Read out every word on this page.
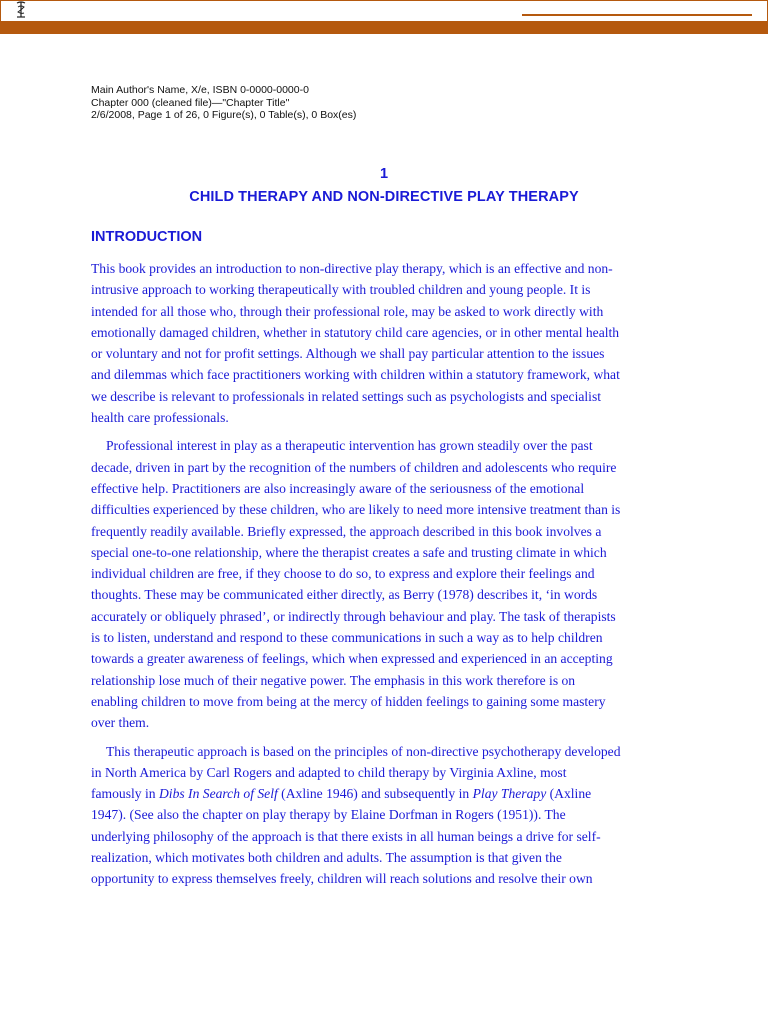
Main Author's Name, X/e, ISBN 0-0000-0000-0
Chapter 000 (cleaned file)—"Chapter Title"
2/6/2008, Page 1 of 26, 0 Figure(s), 0 Table(s), 0 Box(es)
1
CHILD THERAPY AND NON-DIRECTIVE PLAY THERAPY
INTRODUCTION

This book provides an introduction to non-directive play therapy, which is an effective and non-
intrusive approach to working therapeutically with troubled children and young people. It is
intended for all those who, through their professional role, may be asked to work directly with
emotionally damaged children, whether in statutory child care agencies, or in other mental health
or voluntary and not for profit settings. Although we shall pay particular attention to the issues
and dilemmas which face practitioners working with children within a statutory framework, what
we describe is relevant to professionals in related settings such as psychologists and specialist
health care professionals.

Professional interest in play as a therapeutic intervention has grown steadily over the past
decade, driven in part by the recognition of the numbers of children and adolescents who require
effective help. Practitioners are also increasingly aware of the seriousness of the emotional
difficulties experienced by these children, who are likely to need more intensive treatment than is
frequently readily available. Briefly expressed, the approach described in this book involves a
special one-to-one relationship, where the therapist creates a safe and trusting climate in which
individual children are free, if they choose to do so, to express and explore their feelings and
thoughts. These may be communicated either directly, as Berry (1978) describes it, ‘in words
accurately or obliquely phrased’, or indirectly through behaviour and play. The task of therapists
is to listen, understand and respond to these communications in such a way as to help children
towards a greater awareness of feelings, which when expressed and experienced in an accepting
relationship lose much of their negative power. The emphasis in this work therefore is on
enabling children to move from being at the mercy of hidden feelings to gaining some mastery
over them.

This therapeutic approach is based on the principles of non-directive psychotherapy developed
in North America by Carl Rogers and adapted to child therapy by Virginia Axline, most
famously in Dibs In Search of Self (Axline 1946) and subsequently in Play Therapy (Axline
1947). (See also the chapter on play therapy by Elaine Dorfman in Rogers (1951)). The
underlying philosophy of the approach is that there exists in all human beings a drive for self-
realization, which motivates both children and adults. The assumption is that given the
opportunity to express themselves freely, children will reach solutions and resolve their own
